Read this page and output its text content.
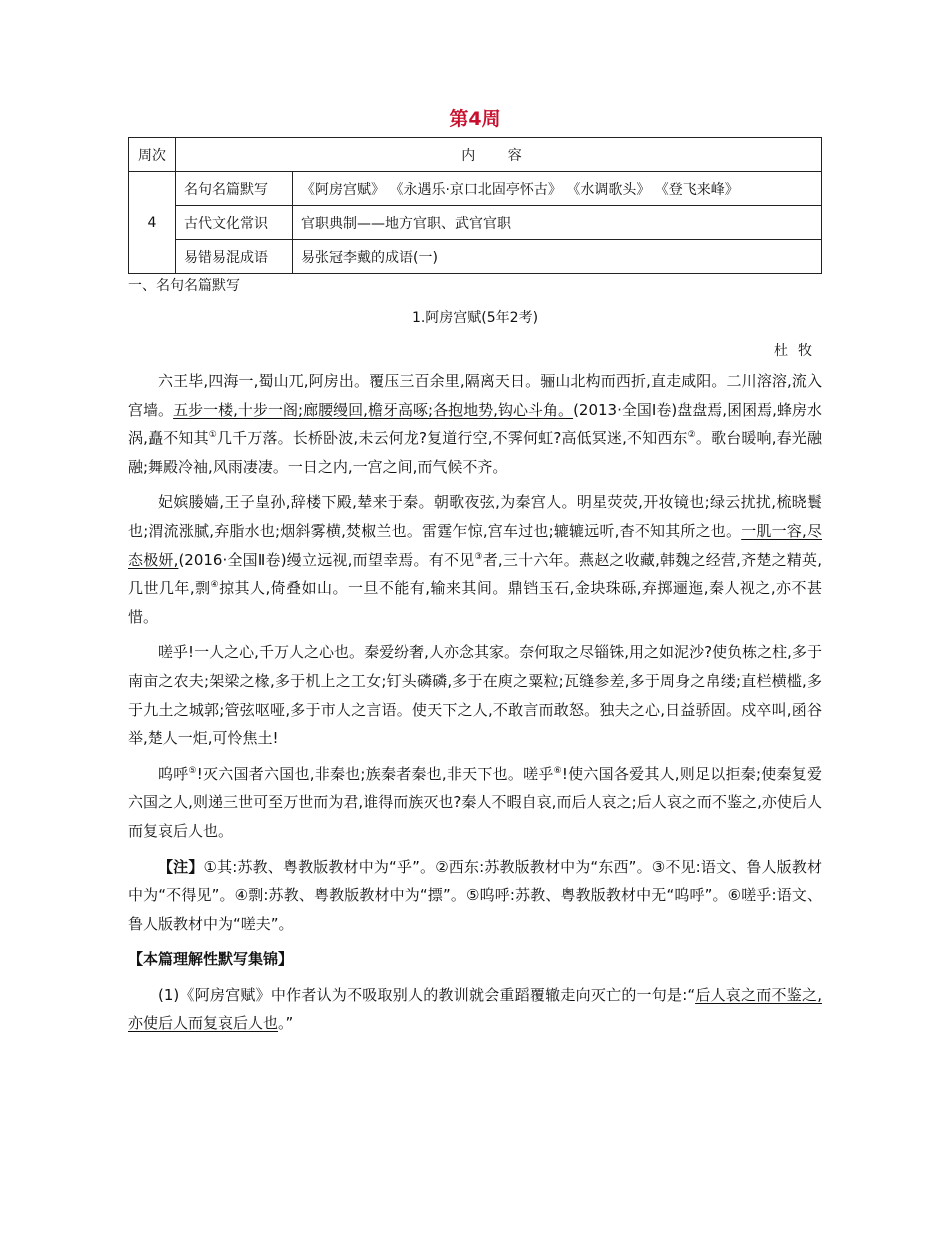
第4周
周次	内 容	
4	名句名篇默写	《阿房宫赋》 《永遇乐·京口北固亭怀古》 《水调歌头》 《登飞来峰》
	古代文化常识	官职典制——地方官职、武官官职
	易错易混成语	易张冠李戴的成语(一)
一、名句名篇默写
1.阿房宫赋(5年2考)
杜牧

六王毕,四海一,蜀山兀,阿房出。覆压三百余里,隔离天日。骊山北构而西折,直走咸阳。二川溶溶,流入宫墙。五步一楼,十步一阁;廊腰缦回,檐牙高啄;各抱地势,钩心斗角。(2013·全国Ⅰ卷)盘盘焉,囷囷焉,蜂房水涡,矗不知其①几千万落。长桥卧波,未云何龙?复道行空,不霁何虹?高低冥迷,不知西东②。歌台暖响,春光融融;舞殿冷袖,风雨凄凄。一日之内,一宫之间,而气候不齐。

妃嫔媵嫱,王子皇孙,辞楼下殿,辇来于秦。朝歌夜弦,为秦宫人。明星荧荧,开妆镜也;绿云扰扰,梳晓鬟也;渭流涨腻,弃脂水也;烟斜雾横,焚椒兰也。雷霆乍惊,宫车过也;辘辘远听,杳不知其所之也。一肌一容,尽态极妍,(2016·全国Ⅱ卷)缦立远视,而望幸焉。有不见③者,三十六年。燕赵之收藏,韩魏之经营,齐楚之精英,几世几年,剽④掠其人,倚叠如山。一旦不能有,输来其间。鼎铛玉石,金块珠砾,弃掷逦迤,秦人视之,亦不甚惜。

嗟乎!一人之心,千万人之心也。秦爱纷奢,人亦念其家。奈何取之尽锱铢,用之如泥沙?使负栋之柱,多于南亩之农夫;架梁之椽,多于机上之工女;钉头磷磷,多于在庾之粟粒;瓦缝参差,多于周身之帛缕;直栏横槛,多于九土之城郭;管弦呕哑,多于市人之言语。使天下之人,不敢言而敢怒。独夫之心,日益骄固。戍卒叫,函谷举,楚人一炬,可怜焦土!

呜呼⑤!灭六国者六国也,非秦也;族秦者秦也,非天下也。嗟乎⑥!使六国各爱其人,则足以拒秦;使秦复爱六国之人,则递三世可至万世而为君,谁得而族灭也?秦人不暇自哀,而后人哀之;后人哀之而不鉴之,亦使后人而复哀后人也。

【注】①其:苏教、粤教版教材中为“乎”。②西东:苏教版教材中为“东西”。③不见:语文、鲁人版教材中为“不得见”。④剽:苏教、粤教版教材中为“摽”。⑤呜呼:苏教、粤教版教材中无“呜呼”。⑥嗟乎:语文、鲁人版教材中为“嗟夫”。

【本篇理解性默写集锦】

(1)《阿房宫赋》中作者认为不吸取别人的教训就会重蹈覆辙走向灭亡的一句是:“后人哀之而不鉴之,亦使后人而复哀后人也。”
